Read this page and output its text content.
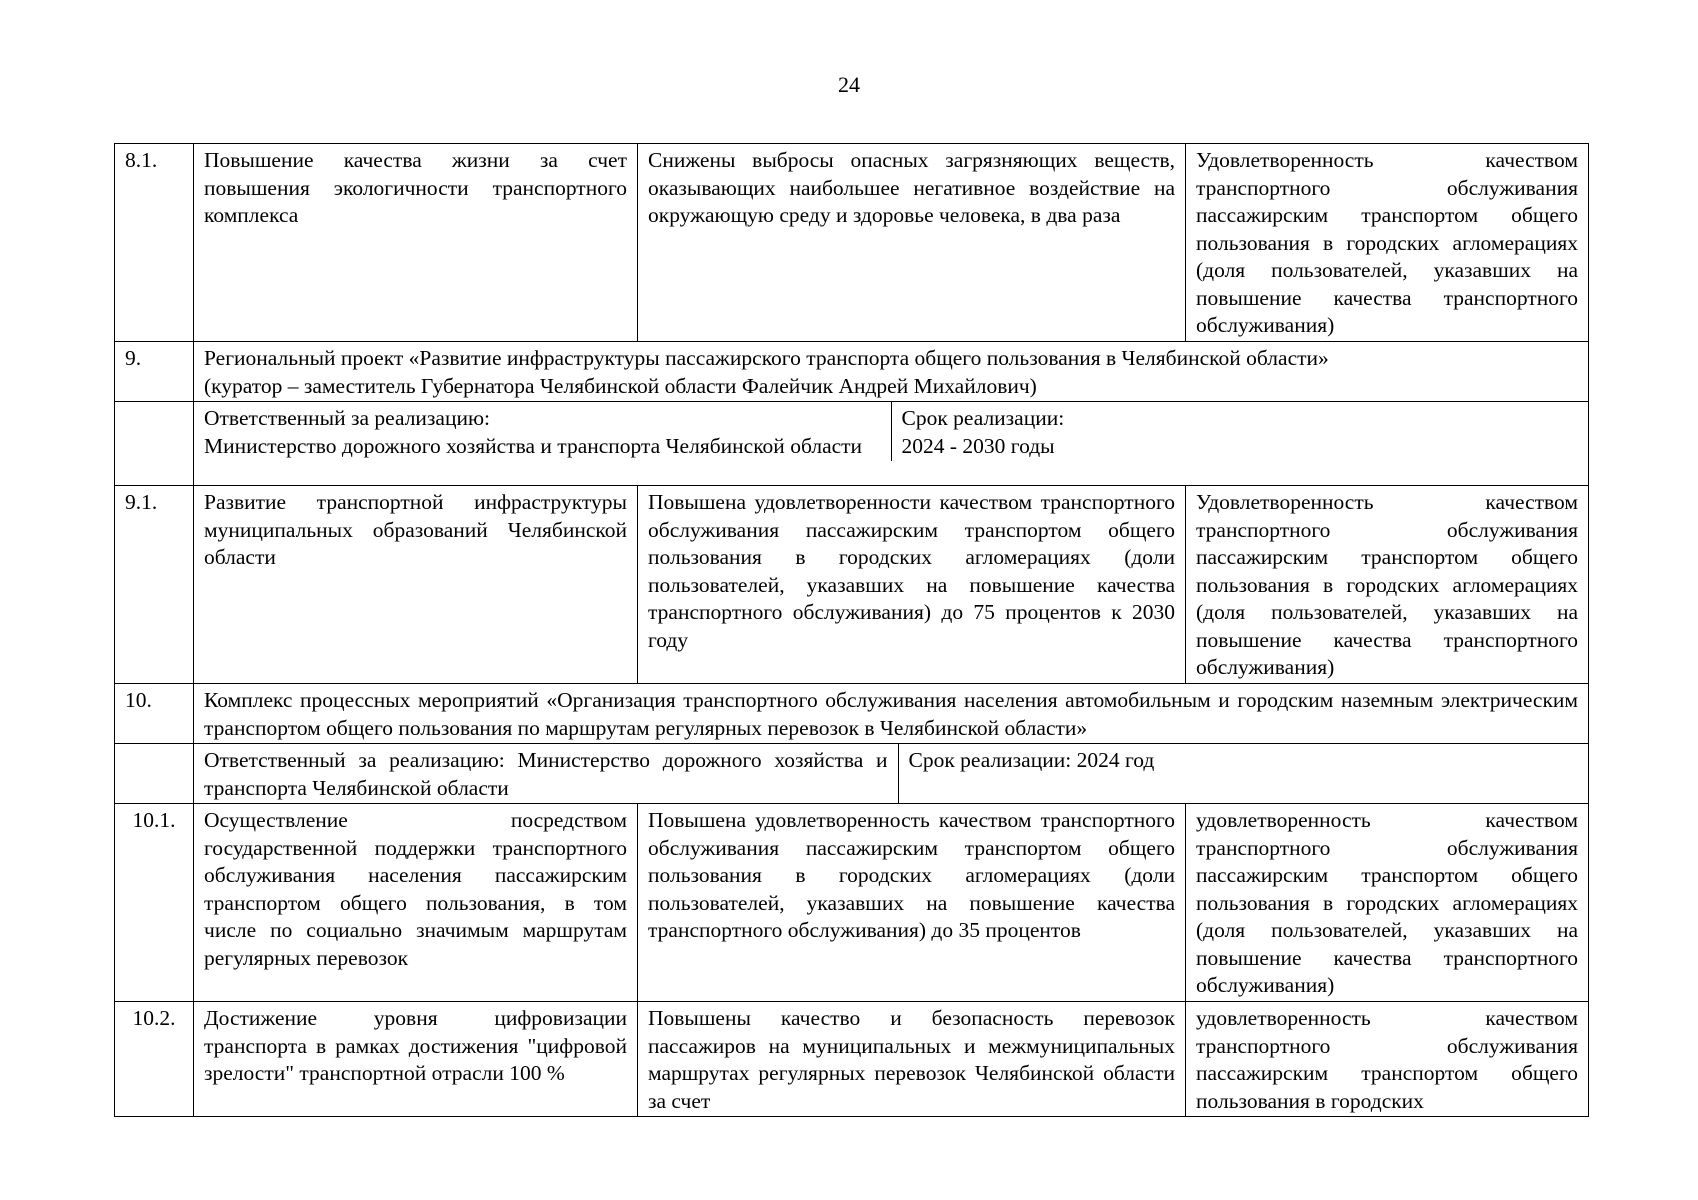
24
8.1.	Повышение качества жизни за счет повышения экологичности транспортного комплекса	Снижены выбросы опасных загрязняющих веществ, оказывающих наибольшее негативное воздействие на окружающую среду и здоровье человека, в два раза	Удовлетворенность качеством транспортного обслуживания пассажирским транспортом общего пользования в городских агломерациях (доля пользователей, указавших на повышение качества транспортного обслуживания)
9.	Региональный проект «Развитие инфраструктуры пассажирского транспорта общего пользования в Челябинской области»
(куратор – заместитель Губернатора Челябинской области Фалейчик Андрей Михайлович)

Ответственный за реализацию:
Министерство дорожного хозяйства и транспорта Челябинской области

Срок реализации:
2024 - 2030 годы

9.1.	Развитие транспортной инфраструктуры муниципальных образований Челябинской области	Повышена удовлетворенности качеством транспортного обслуживания пассажирским транспортом общего пользования в городских агломерациях (доли пользователей, указавших на повышение качества транспортного обслуживания) до 75 процентов к 2030 году	Удовлетворенность качеством транспортного обслуживания пассажирским транспортом общего пользования в городских агломерациях (доля пользователей, указавших на повышение качества транспортного обслуживания)
10.	Комплекс процессных мероприятий «Организация транспортного обслуживания населения автомобильным и городским наземным электрическим транспортом общего пользования по маршрутам регулярных перевозок в Челябинской области»

Ответственный за реализацию: Министерство дорожного хозяйства и транспорта Челябинской области	Срок реализации: 2024 год

10.1.	Осуществление посредством государственной поддержки транспортного обслуживания населения пассажирским транспортом общего пользования, в том числе по социально значимым маршрутам регулярных перевозок	Повышена удовлетворенность качеством транспортного обслуживания пассажирским транспортом общего пользования в городских агломерациях (доли пользователей, указавших на повышение качества транспортного обслуживания) до 35 процентов	удовлетворенность качеством транспортного обслуживания пассажирским транспортом общего пользования в городских агломерациях (доля пользователей, указавших на повышение качества транспортного обслуживания)
10.2.	Достижение уровня цифровизации транспорта в рамках достижения "цифровой зрелости" транспортной отрасли 100 %	Повышены качество и безопасность перевозок пассажиров на муниципальных и межмуниципальных маршрутах регулярных перевозок Челябинской области за счет	удовлетворенность качеством транспортного обслуживания пассажирским транспортом общего пользования в городских
